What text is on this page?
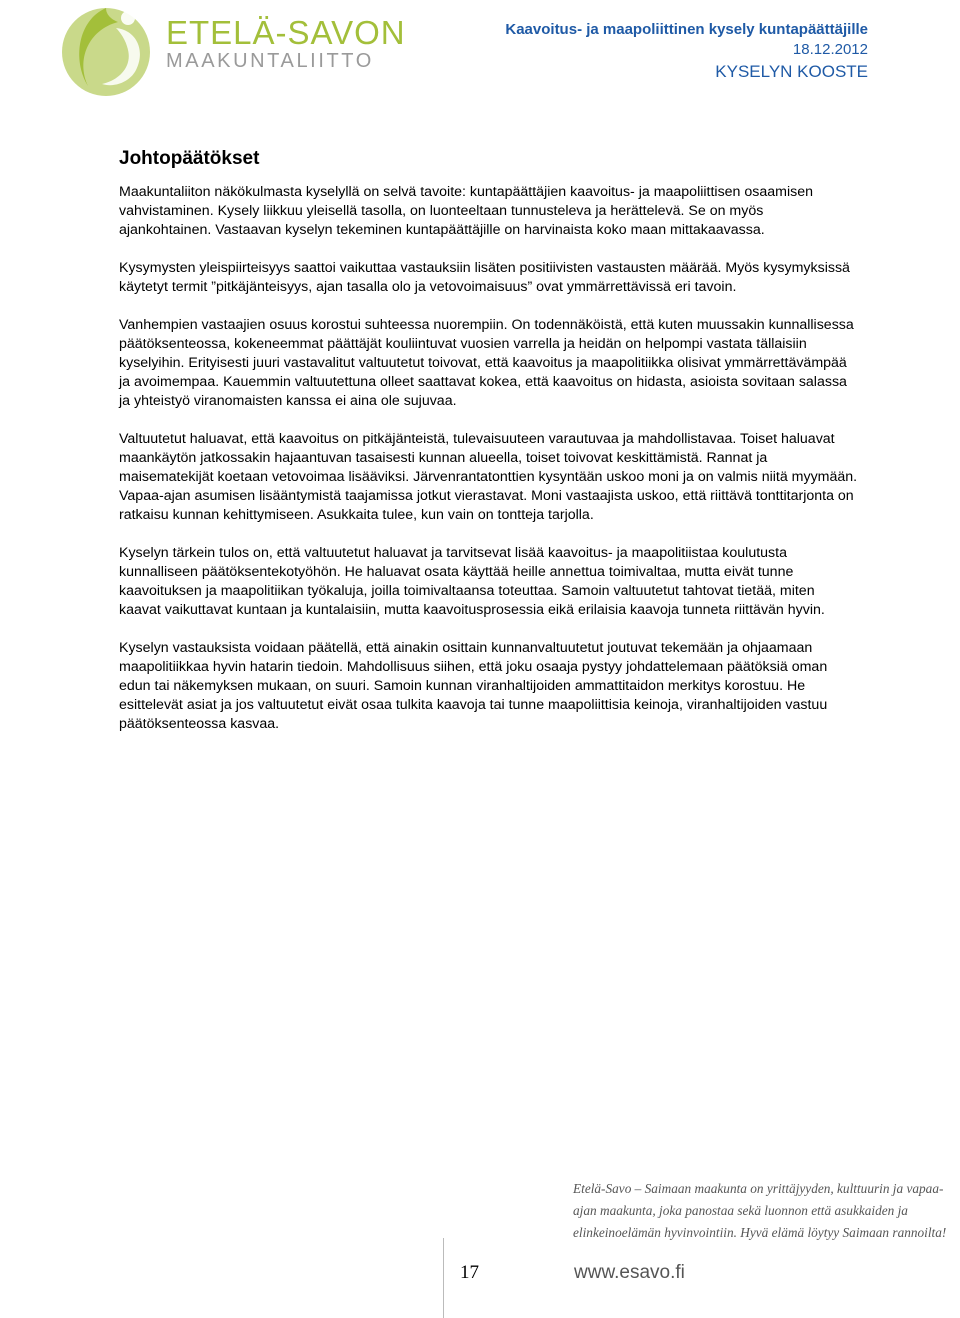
ETELÄ-SAVON
MAAKUNTALIITTO
Kaavoitus- ja maapoliittinen kysely kuntapäättäjille
18.12.2012
KYSELYN KOOSTE
Johtopäätökset

Maakuntaliiton näkökulmasta kyselyllä on selvä tavoite: kuntapäättäjien kaavoitus- ja maapoliittisen osaamisen vahvistaminen. Kysely liikkuu yleisellä tasolla, on luonteeltaan tunnusteleva ja herättelevä. Se on myös ajankohtainen. Vastaavan kyselyn tekeminen kuntapäättäjille on harvinaista koko maan mittakaavassa.

Kysymysten yleispiirteisyys saattoi vaikuttaa vastauksiin lisäten positiivisten vastausten määrää. Myös kysymyksissä käytetyt termit ”pitkäjänteisyys, ajan tasalla olo ja vetovoimaisuus” ovat ymmärrettävissä eri tavoin.

Vanhempien vastaajien osuus korostui suhteessa nuorempiin. On todennäköistä, että kuten muussakin kunnallisessa päätöksenteossa, kokeneemmat päättäjät kouliintuvat vuosien varrella ja heidän on helpompi vastata tällaisiin kyselyihin. Erityisesti juuri vastavalitut valtuutetut toivovat, että kaavoitus ja maapolitiikka olisivat ymmärrettävämpää ja avoimempaa. Kauemmin valtuutettuna olleet saattavat kokea, että kaavoitus on hidasta, asioista sovitaan salassa ja yhteistyö viranomaisten kanssa ei aina ole sujuvaa.

Valtuutetut haluavat, että kaavoitus on pitkäjänteistä, tulevaisuuteen varautuvaa ja mahdollistavaa. Toiset haluavat maankäytön jatkossakin hajaantuvan tasaisesti kunnan alueella, toiset toivovat keskittämistä. Rannat ja maisematekijät koetaan vetovoimaa lisääviksi. Järvenrantatonttien kysyntään uskoo moni ja on valmis niitä myymään. Vapaa-ajan asumisen lisääntymistä taajamissa jotkut vierastavat. Moni vastaajista uskoo, että riittävä tonttitarjonta on ratkaisu kunnan kehittymiseen. Asukkaita tulee, kun vain on tontteja tarjolla.

Kyselyn tärkein tulos on, että valtuutetut haluavat ja tarvitsevat lisää kaavoitus- ja maapolitiistaa koulutusta kunnalliseen päätöksentekotyöhön. He haluavat osata käyttää heille annettua toimivaltaa, mutta eivät tunne kaavoituksen ja maapolitiikan työkaluja, joilla toimivaltaansa toteuttaa. Samoin valtuutetut tahtovat tietää, miten kaavat vaikuttavat kuntaan ja kuntalaisiin, mutta kaavoitusprosessia eikä erilaisia kaavoja tunneta riittävän hyvin.

Kyselyn vastauksista voidaan päätellä, että ainakin osittain kunnanvaltuutetut joutuvat tekemään ja ohjaamaan maapolitiikkaa hyvin hatarin tiedoin. Mahdollisuus siihen, että joku osaaja pystyy johdattelemaan päätöksiä oman edun tai näkemyksen mukaan, on suuri. Samoin kunnan viranhaltijoiden ammattitaidon merkitys korostuu. He esittelevät asiat ja jos valtuutetut eivät osaa tulkita kaavoja tai tunne maapoliittisia keinoja, viranhaltijoiden vastuu päätöksenteossa kasvaa.

17
Etelä-Savo – Saimaan maakunta on yrittäjyyden, kulttuurin ja vapaa-
ajan maakunta, joka panostaa sekä luonnon että asukkaiden ja
elinkeinoelämän hyvinvointiin. Hyvä elämä löytyy Saimaan rannoilta!
www.esavo.fi
